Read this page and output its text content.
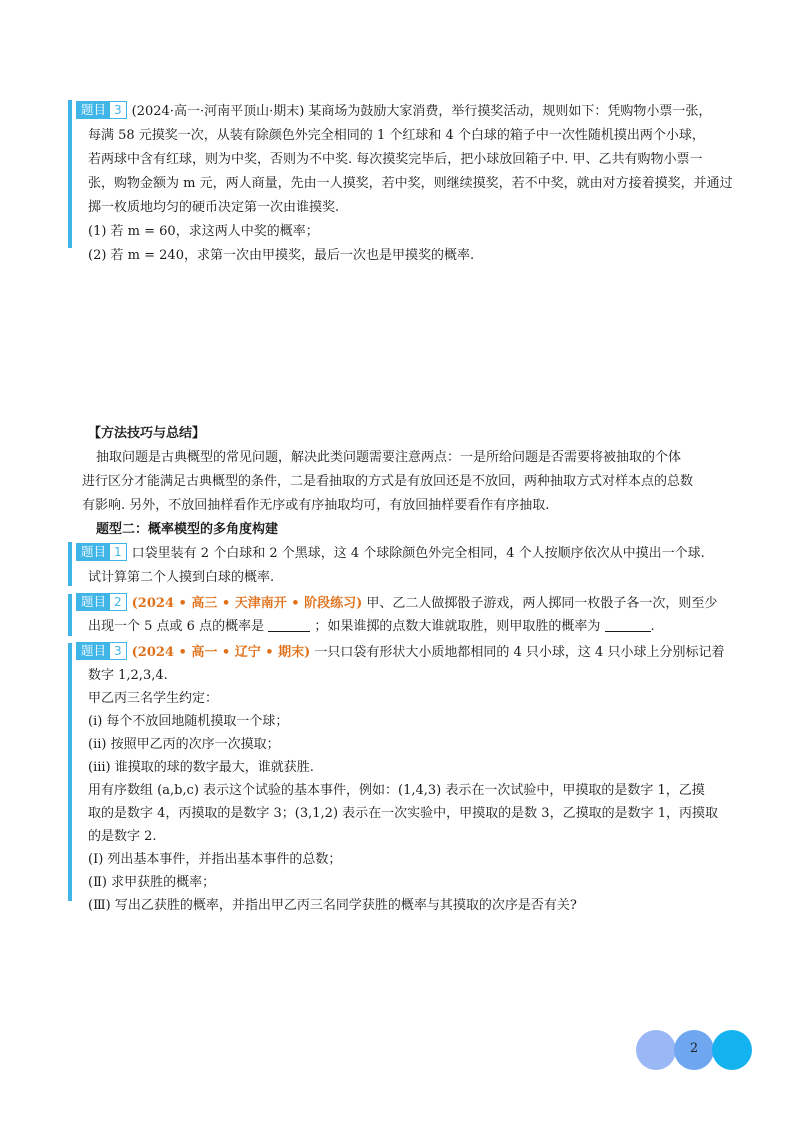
题目 3 (2024·高一·河南平顶山·期末) 某商场为鼓励大家消费，举行摸奖活动，规则如下：凭购物小票一张，
每满 58 元摸奖一次，从装有除颜色外完全相同的 1 个红球和 4 个白球的箱子中一次性随机摸出两个小球，
若两球中含有红球，则为中奖，否则为不中奖. 每次摸奖完毕后，把小球放回箱子中. 甲、乙共有购物小票一
张，购物金额为 m 元，两人商量，先由一人摸奖，若中奖，则继续摸奖，若不中奖，就由对方接着摸奖，并通过
掷一枚质地均匀的硬币决定第一次由谁摸奖.
(1) 若 m = 60，求这两人中奖的概率；
(2) 若 m = 240，求第一次由甲摸奖，最后一次也是甲摸奖的概率.
【方法技巧与总结】
抽取问题是古典概型的常见问题，解决此类问题需要注意两点：一是所给问题是否需要将被抽取的个体
进行区分才能满足古典概型的条件，二是看抽取的方式是有放回还是不放回，两种抽取方式对样本点的总数
有影响. 另外，不放回抽样看作无序或有序抽取均可，有放回抽样要看作有序抽取.
题型二：概率模型的多角度构建
题目 1 口袋里装有 2 个白球和 2 个黑球，这 4 个球除颜色外完全相同，4 个人按顺序依次从中摸出一个球.
试计算第二个人摸到白球的概率.
题目 2 (2024 • 高三 • 天津南开 • 阶段练习) 甲、乙二人做掷骰子游戏，两人掷同一枚骰子各一次，则至少
出现一个 5 点或 6 点的概率是	；如果谁掷的点数大谁就取胜，则甲取胜的概率为	.
题目 3 (2024 • 高一 • 辽宁 • 期末) 一只口袋有形状大小质地都相同的 4 只小球，这 4 只小球上分别标记着
数字 1,2,3,4.
甲乙丙三名学生约定：
(i) 每个不放回地随机摸取一个球；
(ii) 按照甲乙丙的次序一次摸取；
(iii) 谁摸取的球的数字最大，谁就获胜.
用有序数组 (a,b,c) 表示这个试验的基本事件，例如：(1,4,3) 表示在一次试验中，甲摸取的是数字 1，乙摸
取的是数字 4，丙摸取的是数字 3；(3,1,2) 表示在一次实验中，甲摸取的是数 3，乙摸取的是数字 1，丙摸取
的是数字 2.
(Ⅰ) 列出基本事件，并指出基本事件的总数；
(Ⅱ) 求甲获胜的概率；
(Ⅲ) 写出乙获胜的概率，并指出甲乙丙三名同学获胜的概率与其摸取的次序是否有关?
2
